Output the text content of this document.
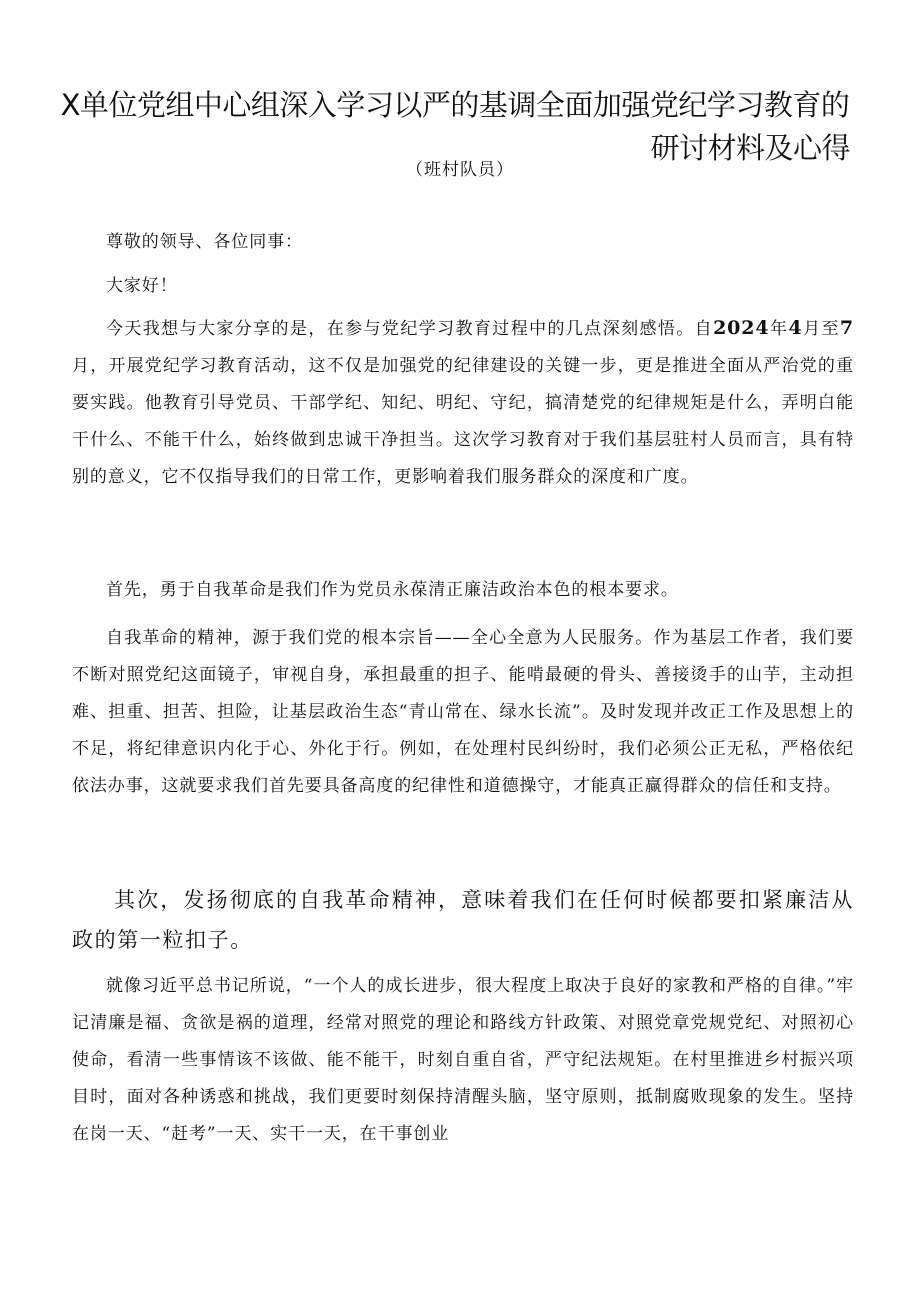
X单位党组中心组深入学习以严的基调全面加强党纪学习教育的
研讨材料及心得
（班村队员）

尊敬的领导、各位同事：

大家好！

今天我想与大家分享的是，在参与党纪学习教育过程中的几点深刻感悟。自2024年4月至7月，开展党纪学习教育活动，这不仅是加强党的纪律建设的关键一步，更是推进全面从严治党的重要实践。他教育引导党员、干部学纪、知纪、明纪、守纪，搞清楚党的纪律规矩是什么，弄明白能干什么、不能干什么，始终做到忠诚干净担当。这次学习教育对于我们基层驻村人员而言，具有特别的意义，它不仅指导我们的日常工作，更影响着我们服务群众的深度和广度。

首先，勇于自我革命是我们作为党员永葆清正廉洁政治本色的根本要求。

自我革命的精神，源于我们党的根本宗旨——全心全意为人民服务。作为基层工作者，我们要不断对照党纪这面镜子，审视自身，承担最重的担子、能啃最硬的骨头、善接烫手的山芋，主动担难、担重、担苦、担险，让基层政治生态“青山常在、绿水长流”。及时发现并改正工作及思想上的不足，将纪律意识内化于心、外化于行。例如，在处理村民纠纷时，我们必须公正无私，严格依纪依法办事，这就要求我们首先要具备高度的纪律性和道德操守，才能真正赢得群众的信任和支持。

其次，发扬彻底的自我革命精神，意味着我们在任何时候都要扣紧廉洁从政的第一粒扣子。

就像习近平总书记所说，“一个人的成长进步，很大程度上取决于良好的家教和严格的自律。”牢记清廉是福、贪欲是祸的道理，经常对照党的理论和路线方针政策、对照党章党规党纪、对照初心使命，看清一些事情该不该做、能不能干，时刻自重自省，严守纪法规矩。在村里推进乡村振兴项目时，面对各种诱惑和挑战，我们更要时刻保持清醒头脑，坚守原则，抵制腐败现象的发生。坚持在岗一天、“赶考”一天、实干一天，在干事创业
